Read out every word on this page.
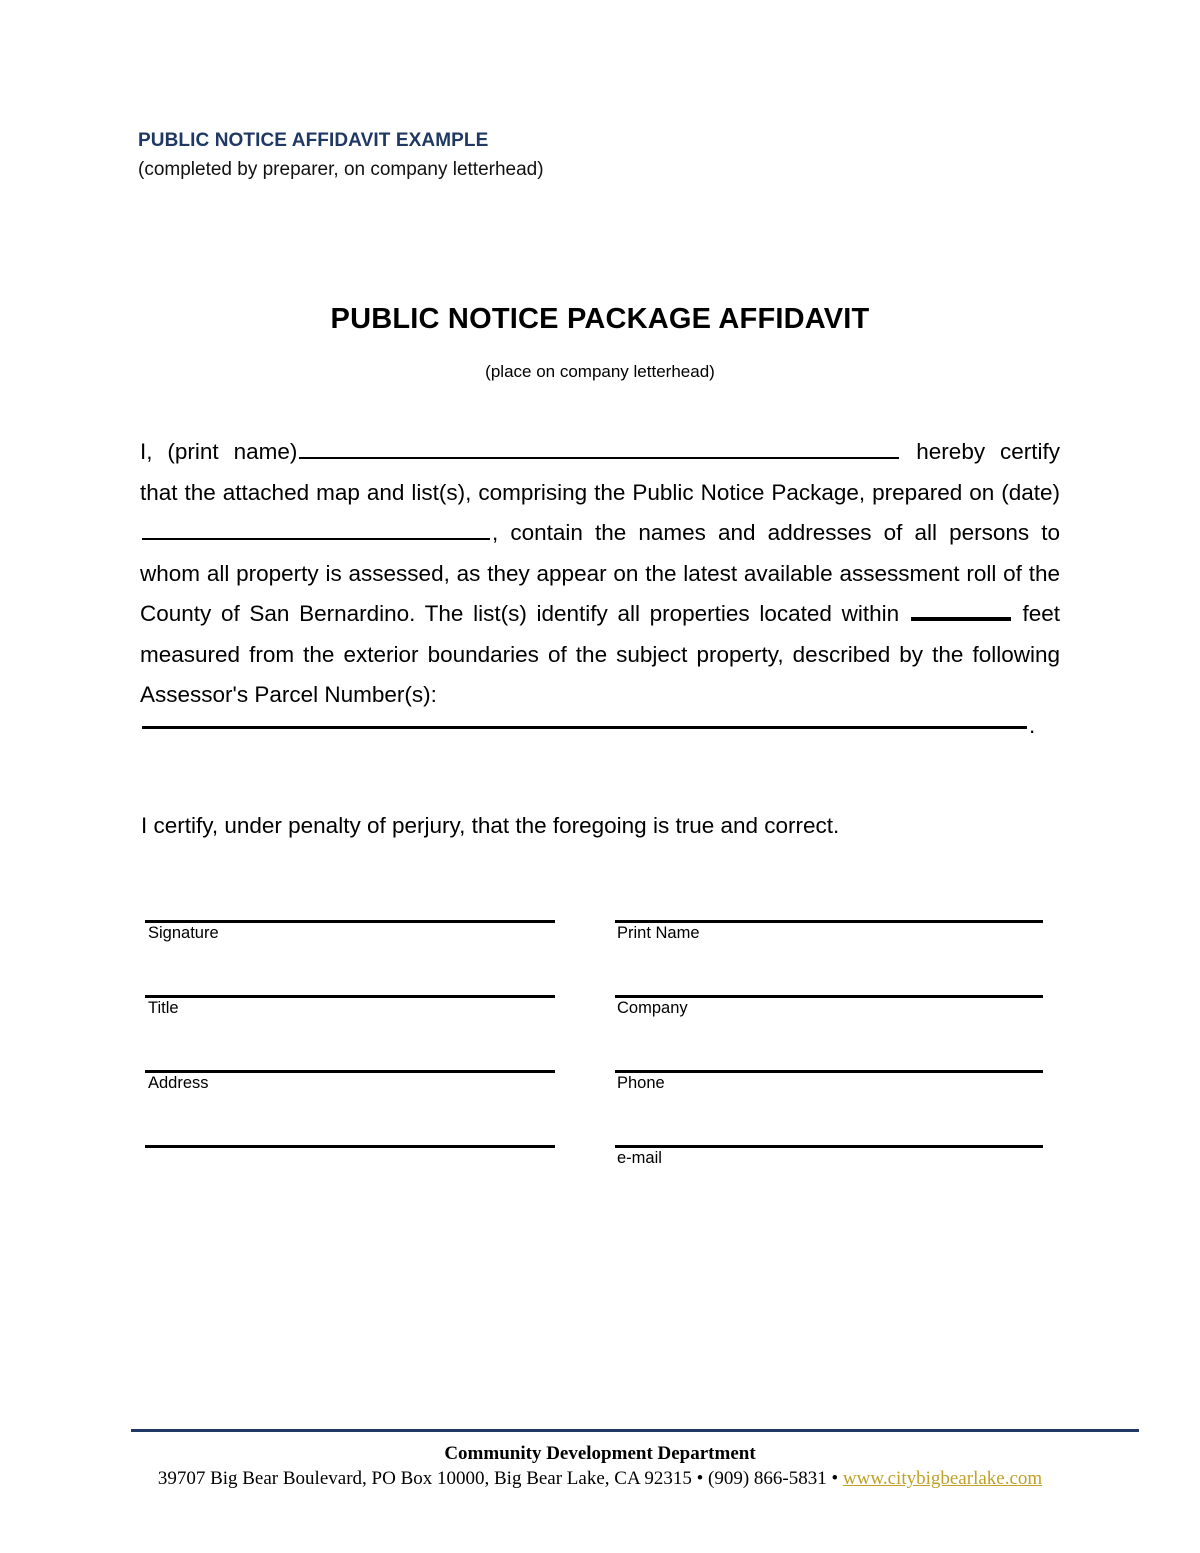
PUBLIC NOTICE AFFIDAVIT EXAMPLE
(completed by preparer, on company letterhead)
PUBLIC NOTICE PACKAGE AFFIDAVIT
(place on company letterhead)

I, (print name)	hereby certify that the attached map and list(s), comprising the Public Notice Package, prepared on (date) , contain the names and addresses of all persons to whom all property is assessed, as they appear on the latest available assessment roll of the County of San Bernardino. The list(s) identify all properties located within	feet measured from the exterior boundaries of the subject property, described by the following Assessor's Parcel Number(s):

.
I certify, under penalty of perjury, that the foregoing is true and correct.
Signature	Print Name
Title	Company
Address	Phone
e-mail
Community Development Department
39707 Big Bear Boulevard, PO Box 10000, Big Bear Lake, CA 92315 • (909) 866-5831 • www.citybigbearlake.com
